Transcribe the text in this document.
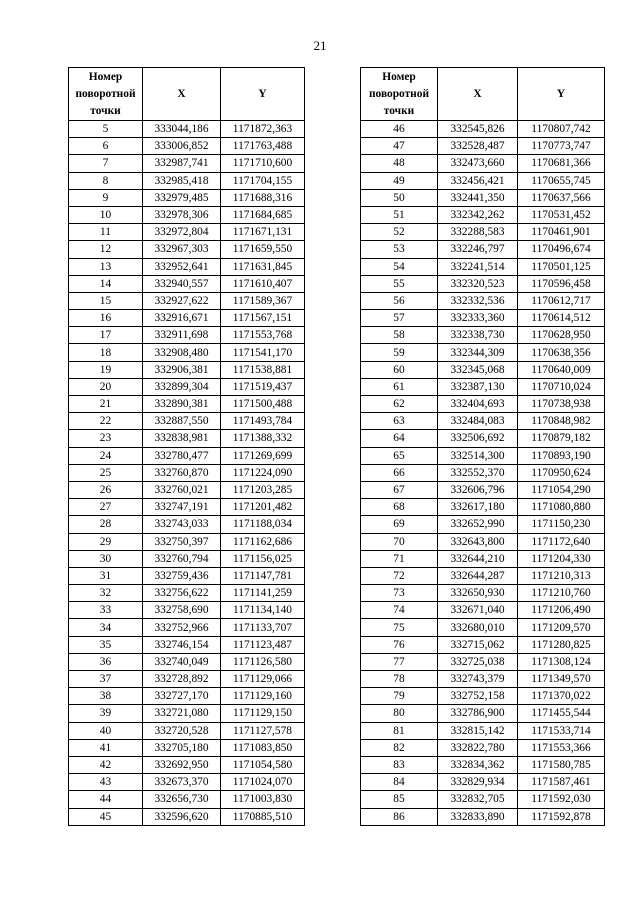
21
Номер
поворотной
точки	X	Y
5	333044,186	1171872,363
6	333006,852	1171763,488
7	332987,741	1171710,600
8	332985,418	1171704,155
9	332979,485	1171688,316
10	332978,306	1171684,685
11	332972,804	1171671,131
12	332967,303	1171659,550
13	332952,641	1171631,845
14	332940,557	1171610,407
15	332927,622	1171589,367
16	332916,671	1171567,151
17	332911,698	1171553,768
18	332908,480	1171541,170
19	332906,381	1171538,881
20	332899,304	1171519,437
21	332890,381	1171500,488
22	332887,550	1171493,784
23	332838,981	1171388,332
24	332780,477	1171269,699
25	332760,870	1171224,090
26	332760,021	1171203,285
27	332747,191	1171201,482
28	332743,033	1171188,034
29	332750,397	1171162,686
30	332760,794	1171156,025
31	332759,436	1171147,781
32	332756,622	1171141,259
33	332758,690	1171134,140
34	332752,966	1171133,707
35	332746,154	1171123,487
36	332740,049	1171126,580
37	332728,892	1171129,066
38	332727,170	1171129,160
39	332721,080	1171129,150
40	332720,528	1171127,578
41	332705,180	1171083,850
42	332692,950	1171054,580
43	332673,370	1171024,070
44	332656,730	1171003,830
45	332596,620	1170885,510
Номер
поворотной
точки	X	Y
46	332545,826	1170807,742
47	332528,487	1170773,747
48	332473,660	1170681,366
49	332456,421	1170655,745
50	332441,350	1170637,566
51	332342,262	1170531,452
52	332288,583	1170461,901
53	332246,797	1170496,674
54	332241,514	1170501,125
55	332320,523	1170596,458
56	332332,536	1170612,717
57	332333,360	1170614,512
58	332338,730	1170628,950
59	332344,309	1170638,356
60	332345,068	1170640,009
61	332387,130	1170710,024
62	332404,693	1170738,938
63	332484,083	1170848,982
64	332506,692	1170879,182
65	332514,300	1170893,190
66	332552,370	1170950,624
67	332606,796	1171054,290
68	332617,180	1171080,880
69	332652,990	1171150,230
70	332643,800	1171172,640
71	332644,210	1171204,330
72	332644,287	1171210,313
73	332650,930	1171210,760
74	332671,040	1171206,490
75	332680,010	1171209,570
76	332715,062	1171280,825
77	332725,038	1171308,124
78	332743,379	1171349,570
79	332752,158	1171370,022
80	332786,900	1171455,544
81	332815,142	1171533,714
82	332822,780	1171553,366
83	332834,362	1171580,785
84	332829,934	1171587,461
85	332832,705	1171592,030
86	332833,890	1171592,878
